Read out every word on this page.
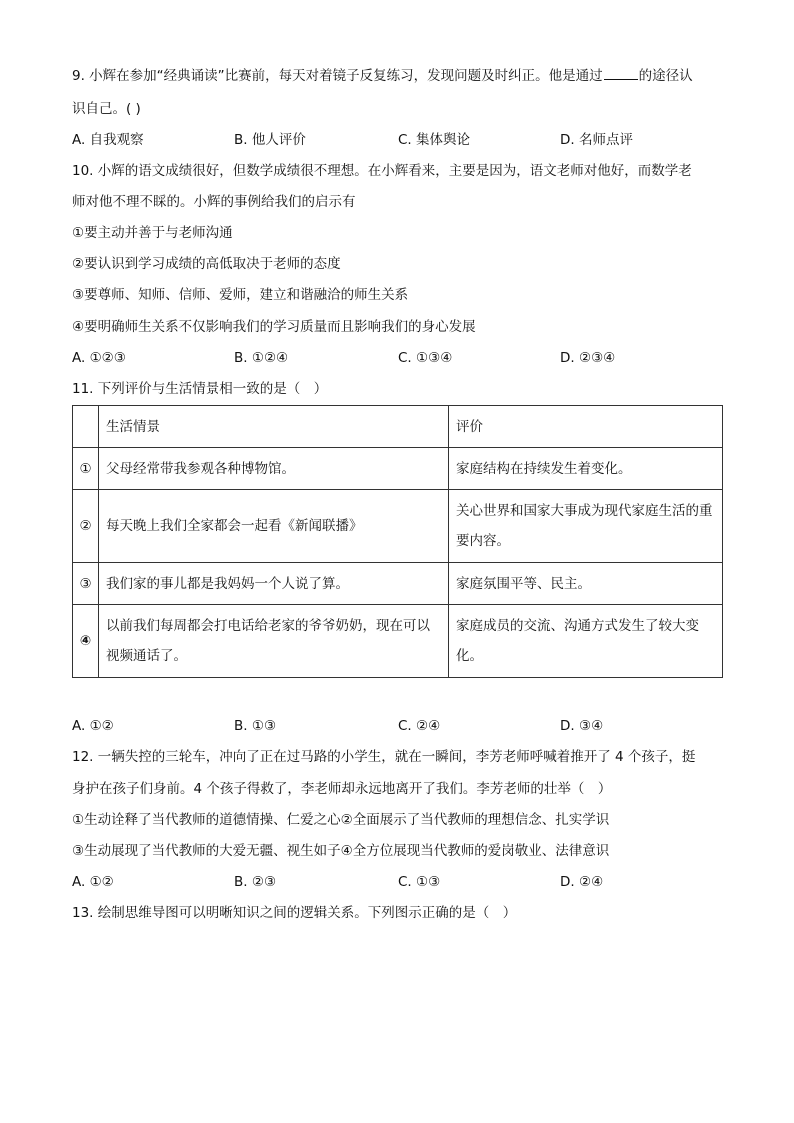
9. 小辉在参加“经典诵读”比赛前，每天对着镜子反复练习，发现问题及时纠正。他是通过	的途径认
识自己。( )
A. 自我观察	B. 他人评价	C. 集体舆论	D. 名师点评
10. 小辉的语文成绩很好，但数学成绩很不理想。在小辉看来，主要是因为，语文老师对他好，而数学老
师对他不理不睬的。小辉的事例给我们的启示有
①要主动并善于与老师沟通
②要认识到学习成绩的高低取决于老师的态度
③要尊师、知师、信师、爱师，建立和谐融洽的师生关系
④要明确师生关系不仅影响我们的学习质量而且影响我们的身心发展
A. ①②③	B. ①②④	C. ①③④	D. ②③④
11. 下列评价与生活情景相一致的是（　）
	生活情景	评价
①	父母经常带我参观各种博物馆。	家庭结构在持续发生着变化。
②	每天晚上我们全家都会一起看《新闻联播》	关心世界和国家大事成为现代家庭生活的重要内容。
③	我们家的事儿都是我妈妈一个人说了算。	家庭氛围平等、民主。
④	以前我们每周都会打电话给老家的爷爷奶奶，现在可以视频通话了。	家庭成员的交流、沟通方式发生了较大变化。
A. ①②	B. ①③	C. ②④	D. ③④
12. 一辆失控的三轮车，冲向了正在过马路的小学生，就在一瞬间，李芳老师呼喊着推开了 4 个孩子，挺
身护在孩子们身前。4 个孩子得救了，李老师却永远地离开了我们。李芳老师的壮举（　）
①生动诠释了当代教师的道德情操、仁爱之心②全面展示了当代教师的理想信念、扎实学识
③生动展现了当代教师的大爱无疆、视生如子④全方位展现当代教师的爱岗敬业、法律意识
A. ①②	B. ②③	C. ①③	D. ②④
13. 绘制思维导图可以明晰知识之间的逻辑关系。下列图示正确的是（　）
